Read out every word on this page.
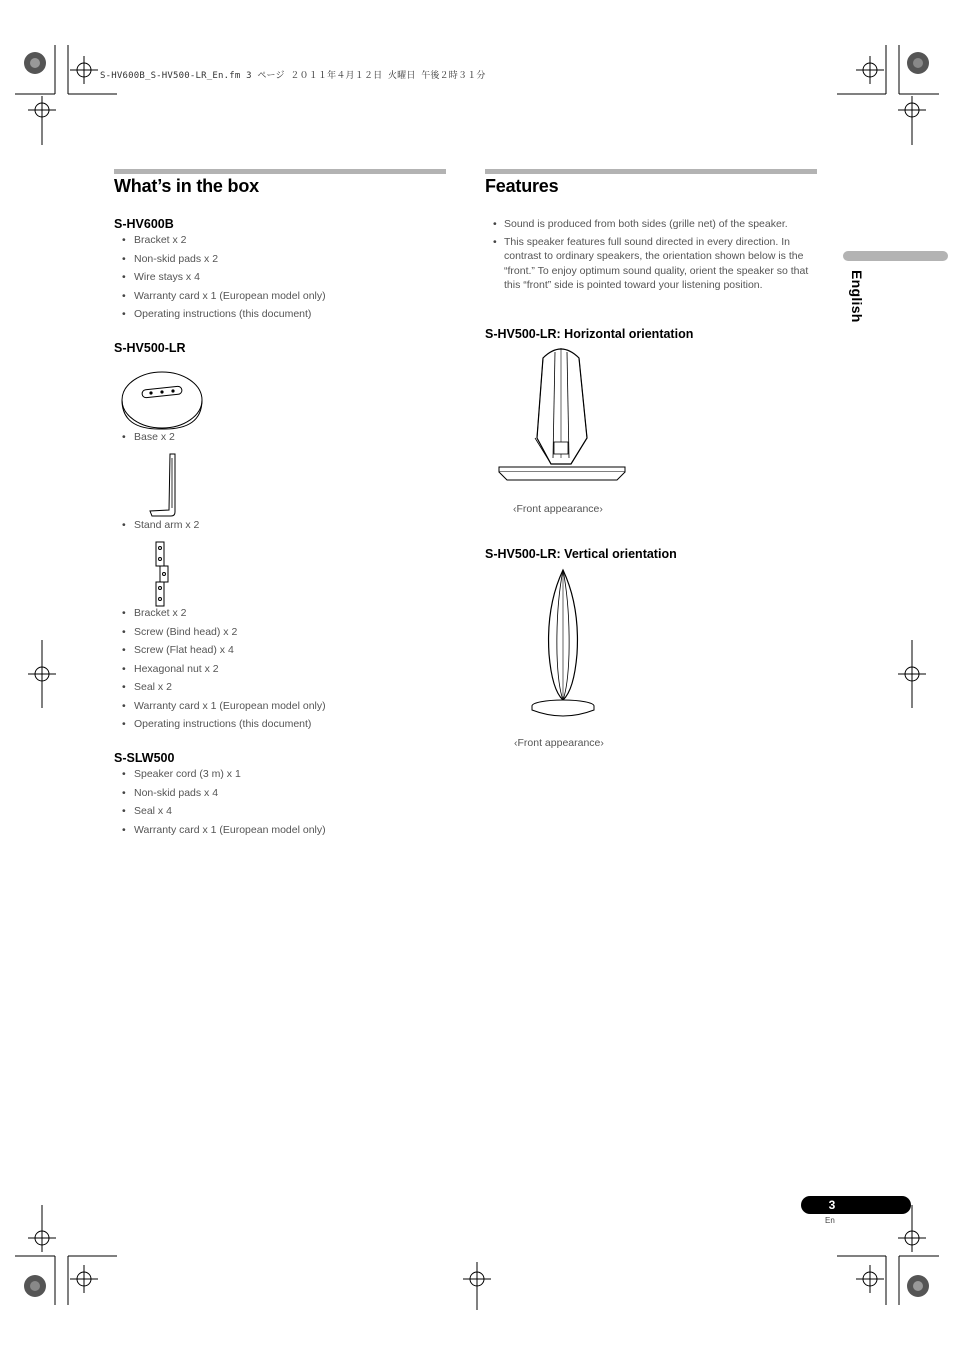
S-HV600B_S-HV500-LR_En.fm 3 ページ ２０１１年４月１２日 火曜日 午後２時３１分
What’s in the box
S-HV600B
• Bracket x 2
• Non-skid pads x 2
• Wire stays x 4
• Warranty card x 1 (European model only)
• Operating instructions (this document)
S-HV500-LR
• Base x 2
• Stand arm x 2
• Bracket x 2
• Screw (Bind head) x 2
• Screw (Flat head) x 4
• Hexagonal nut x 2
• Seal x 2
• Warranty card x 1 (European model only)
• Operating instructions (this document)
S-SLW500
• Speaker cord (3 m) x 1
• Non-skid pads x 4
• Seal x 4
• Warranty card x 1 (European model only)
Features
• Sound is produced from both sides (grille net) of the speaker.
• This speaker features full sound directed in every direction. In contrast to ordinary speakers, the orientation shown below is the “front.” To enjoy optimum sound quality, orient the speaker so that this “front” side is pointed toward your listening position.
S-HV500-LR: Horizontal orientation
‹Front appearance›
S-HV500-LR: Vertical orientation
‹Front appearance›
English
3
En
